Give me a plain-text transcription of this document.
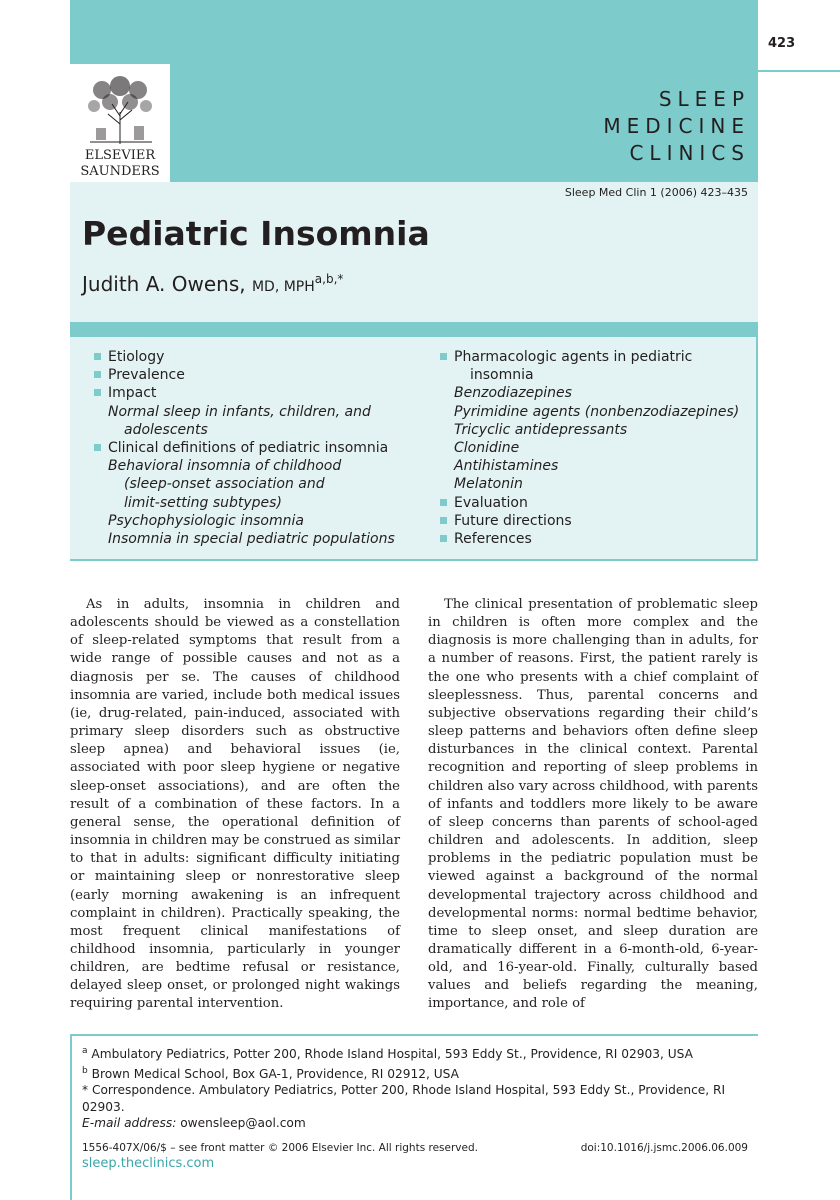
423
ELSEVIER
SAUNDERS
SLEEP
MEDICINE
CLINICS
Sleep Med Clin 1 (2006) 423–435
Pediatric Insomnia
Judith A. Owens, MD, $MPH^{a,b,*}$
Etiology
Prevalence
Impact
Normal sleep in infants, children, and
adolescents
Clinical definitions of pediatric insomnia
Behavioral insomnia of childhood
(sleep-onset association and
limit-setting subtypes)
Psychophysiologic insomnia
Insomnia in special pediatric populations
Pharmacologic agents in pediatric
insomnia
Benzodiazepines
Pyrimidine agents (nonbenzodiazepines)
Tricyclic antidepressants
Clonidine
Antihistamines
Melatonin
Evaluation
Future directions
References

As in adults, insomnia in children and adolescents should be viewed as a constellation of sleep-related symptoms that result from a wide range of possible causes and not as a diagnosis per se. The causes of childhood insomnia are varied, include both medical issues (ie, drug-related, pain-induced, associated with primary sleep disorders such as obstructive sleep apnea) and behavioral issues (ie, associated with poor sleep hygiene or negative sleep-onset associations), and are often the result of a combination of these factors. In a general sense, the operational definition of insomnia in children may be construed as similar to that in adults: significant difficulty initiating or maintaining sleep or nonrestorative sleep (early morning awakening is an infrequent complaint in children). Practically speaking, the most frequent clinical manifestations of childhood insomnia, particularly in younger children, are bedtime refusal or resistance, delayed sleep onset, or prolonged night wakings requiring parental intervention.

The clinical presentation of problematic sleep in children is often more complex and the diagnosis is more challenging than in adults, for a number of reasons. First, the patient rarely is the one who presents with a chief complaint of sleeplessness. Thus, parental concerns and subjective observations regarding their child’s sleep patterns and behaviors often define sleep disturbances in the clinical context. Parental recognition and reporting of sleep problems in children also vary across childhood, with parents of infants and toddlers more likely to be aware of sleep concerns than parents of school-aged children and adolescents. In addition, sleep problems in the pediatric population must be viewed against a background of the normal developmental trajectory across childhood and developmental norms: normal bedtime behavior, time to sleep onset, and sleep duration are dramatically different in a 6-month-old, 6-year-old, and 16-year-old. Finally, culturally based values and beliefs regarding the meaning, importance, and role of

$^a$ Ambulatory Pediatrics, Potter 200, Rhode Island Hospital, 593 Eddy St., Providence, RI 02903, USA
$^b$ Brown Medical School, Box GA-1, Providence, RI 02912, USA
* Correspondence. Ambulatory Pediatrics, Potter 200, Rhode Island Hospital, 593 Eddy St., Providence, RI 02903.
E-mail address: owensleep@aol.com
1556-407X/06/$ – see front matter © 2006 Elsevier Inc. All rights reserved.	doi:10.1016/j.jsmc.2006.06.009
sleep.theclinics.com
